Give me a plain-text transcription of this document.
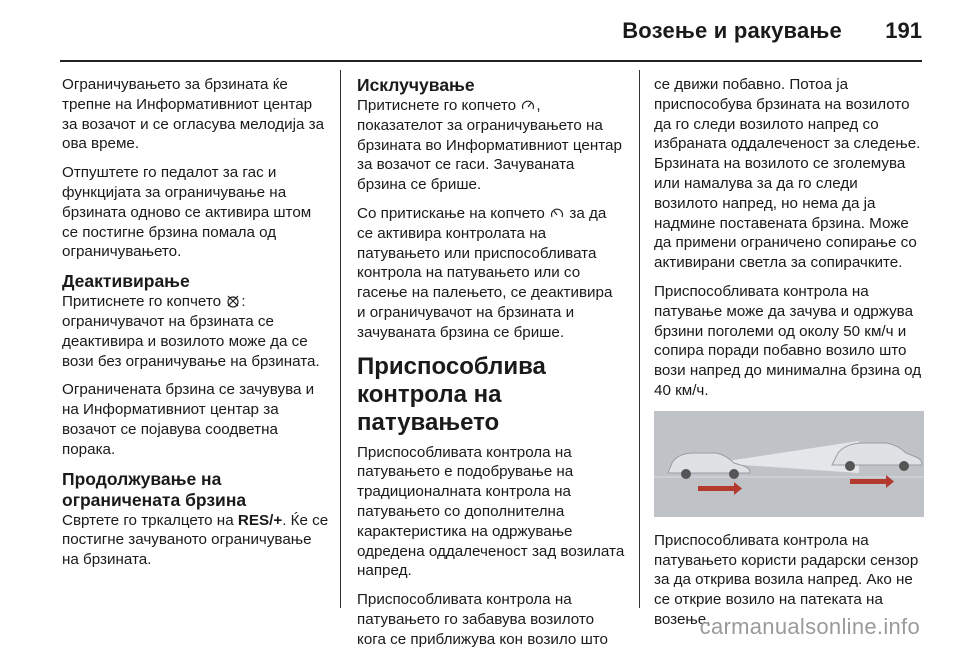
Возење и ракување 191

Ограничувањето за брзината ќе трепне на Информативниот центар за возачот и се огласува мелодија за ова време.

Отпуштете го педалот за гас и функцијата за ограничување на брзината одново се активира штом се постигне брзина помала од ограничувањето.

Деактивирање

Притиснете го копчето : ограничувачот на брзината се деактивира и возилото може да се вози без ограничување на брзината.

Ограничената брзина се зачувува и на Информативниот центар за возачот се појавува соодветна порака.

Продолжување на ограничената брзина

Свртете го тркалцето на RES/+. Ќе се постигне зачуваното ограничување на брзината.

Исклучување

Притиснете го копчето , показателот за ограничувањето на брзината во Информативниот центар за возачот се гаси. Зачуваната брзина се брише.

Со притискање на копчето за да се активира контролата на патувањето или приспособливата контрола на патувањето или со гасење на палењето, се деактивира и ограничувачот на брзината и зачуваната брзина се брише.

Приспособлива контрола на патувањето

Приспособливата контрола на патувањето е подобрување на традиционалната контрола на патувањето со дополнителна карактеристика на одржување одредена оддалеченост зад возилата напред.

Приспособливата контрола на патувањето го забавува возилото кога се приближува кон возило што

се движи побавно. Потоа ја приспособува брзината на возилото да го следи возилото напред со избраната оддалеченост за следење. Брзината на возилото се зголемува или намалува за да го следи возилото напред, но нема да ја надмине поставената брзина. Може да примени ограничено сопирање со активирани светла за сопирачките.

Приспособливата контрола на патување може да зачува и одржува брзини поголеми од околу 50 км/ч и сопира поради побавно возило што вози напред до минимална брзина од 40 км/ч.

Приспособливата контрола на патувањето користи радарски сензор за да открива возила напред. Ако не се открие возило на патеката на возење,

carmanualsonline.info
